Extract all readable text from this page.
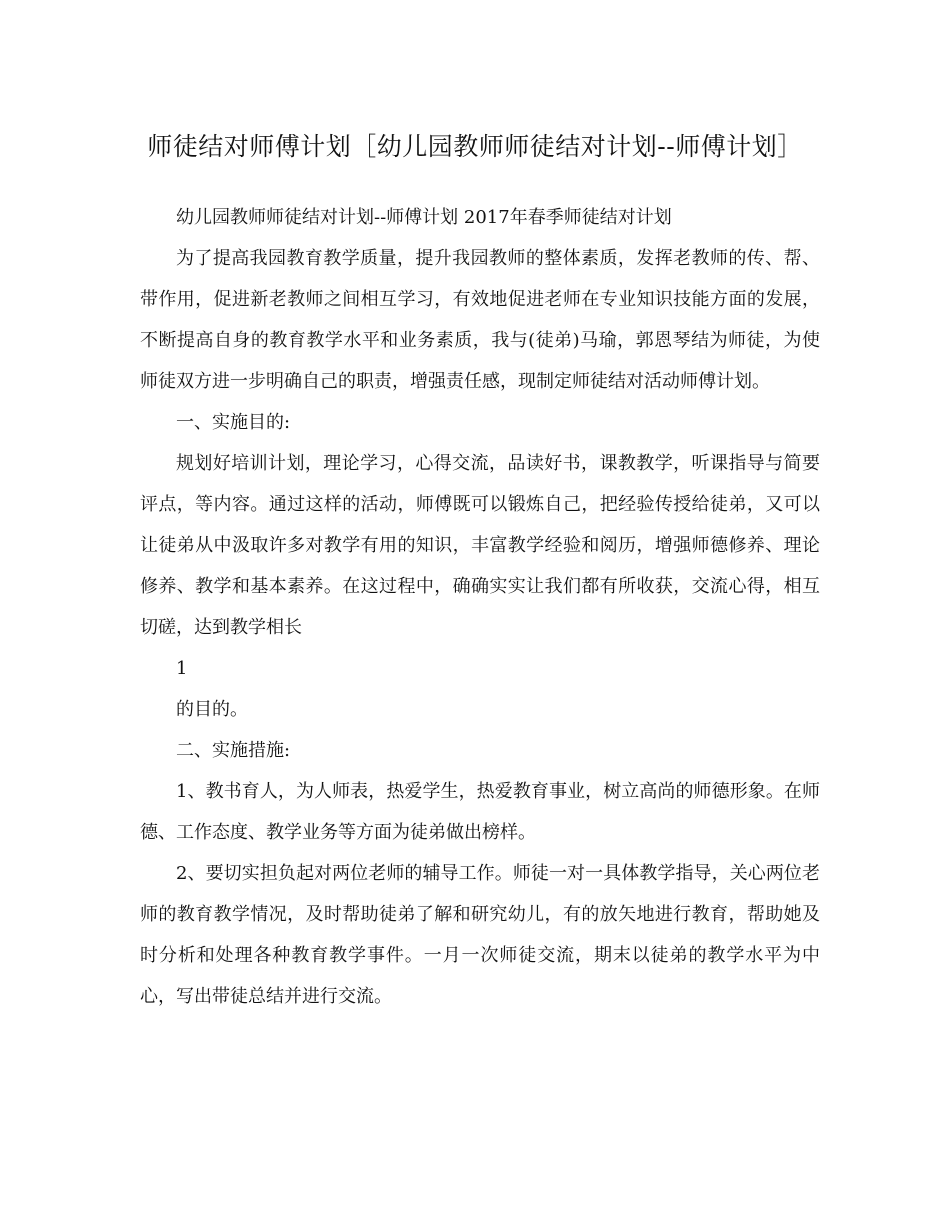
师徒结对师傅计划［幼儿园教师师徒结对计划--师傅计划］

幼儿园教师师徒结对计划--师傅计划 2017年春季师徒结对计划

为了提高我园教育教学质量，提升我园教师的整体素质，发挥老教师的传、帮、带作用，促进新老教师之间相互学习，有效地促进老师在专业知识技能方面的发展，不断提高自身的教育教学水平和业务素质，我与(徒弟)马瑜，郭恩琴结为师徒，为使师徒双方进一步明确自己的职责，增强责任感，现制定师徒结对活动师傅计划。

一、实施目的:

规划好培训计划，理论学习，心得交流，品读好书，课教教学，听课指导与简要评点，等内容。通过这样的活动，师傅既可以锻炼自己，把经验传授给徒弟，又可以让徒弟从中汲取许多对教学有用的知识，丰富教学经验和阅历，增强师德修养、理论修养、教学和基本素养。在这过程中，确确实实让我们都有所收获，交流心得，相互切磋，达到教学相长

1

的目的。

二、实施措施:

1、教书育人，为人师表，热爱学生，热爱教育事业，树立高尚的师德形象。在师德、工作态度、教学业务等方面为徒弟做出榜样。

2、要切实担负起对两位老师的辅导工作。师徒一对一具体教学指导，关心两位老师的教育教学情况，及时帮助徒弟了解和研究幼儿，有的放矢地进行教育，帮助她及时分析和处理各种教育教学事件。一月一次师徒交流，期末以徒弟的教学水平为中心，写出带徒总结并进行交流。
